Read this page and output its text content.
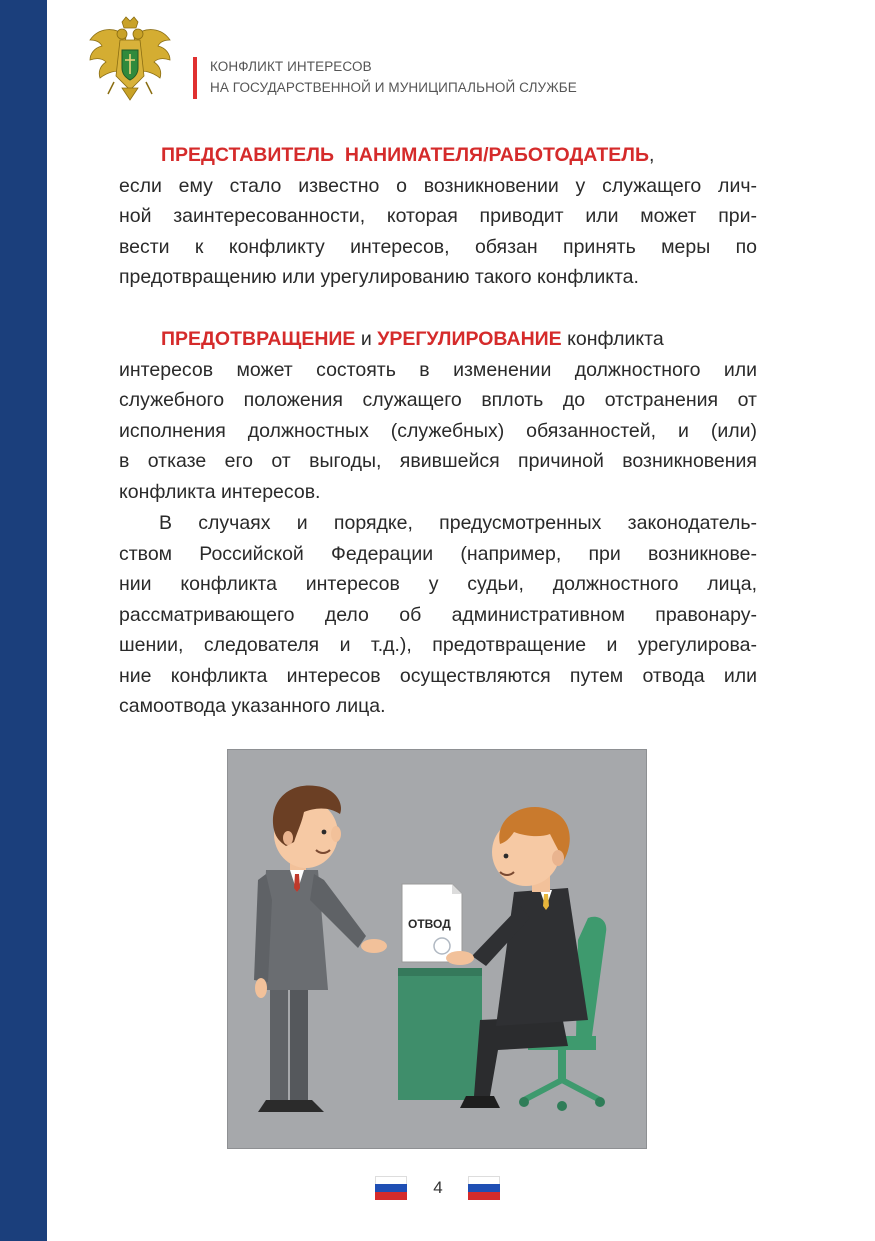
КОНФЛИКТ ИНТЕРЕСОВ
НА ГОСУДАРСТВЕННОЙ И МУНИЦИПАЛЬНОЙ СЛУЖБЕ
ПРЕДСТАВИТЕЛЬ  НАНИМАТЕЛЯ/РАБОТОДАТЕЛЬ,
если ему стало известно о возникновении у служащего лич-
ной заинтересованности, которая приводит или может при-
вести к конфликту интересов, обязан принять меры по
предотвращению или урегулированию такого конфликта.
ПРЕДОТВРАЩЕНИЕ и УРЕГУЛИРОВАНИЕ конфликта
интересов может состоять в изменении должностного или
служебного положения служащего вплоть до отстранения от
исполнения должностных (служебных) обязанностей, и (или)
в отказе его от выгоды, явившейся причиной возникновения
конфликта интересов.
В случаях и порядке, предусмотренных законодатель-
ством Российской Федерации (например, при возникнове-
нии конфликта интересов у судьи, должностного лица,
рассматривающего дело об административном правонару-
шении, следователя и т.д.), предотвращение и урегулирова-
ние конфликта интересов осуществляются путем отвода или
самоотвода указанного лица.
ОТВОД
4
